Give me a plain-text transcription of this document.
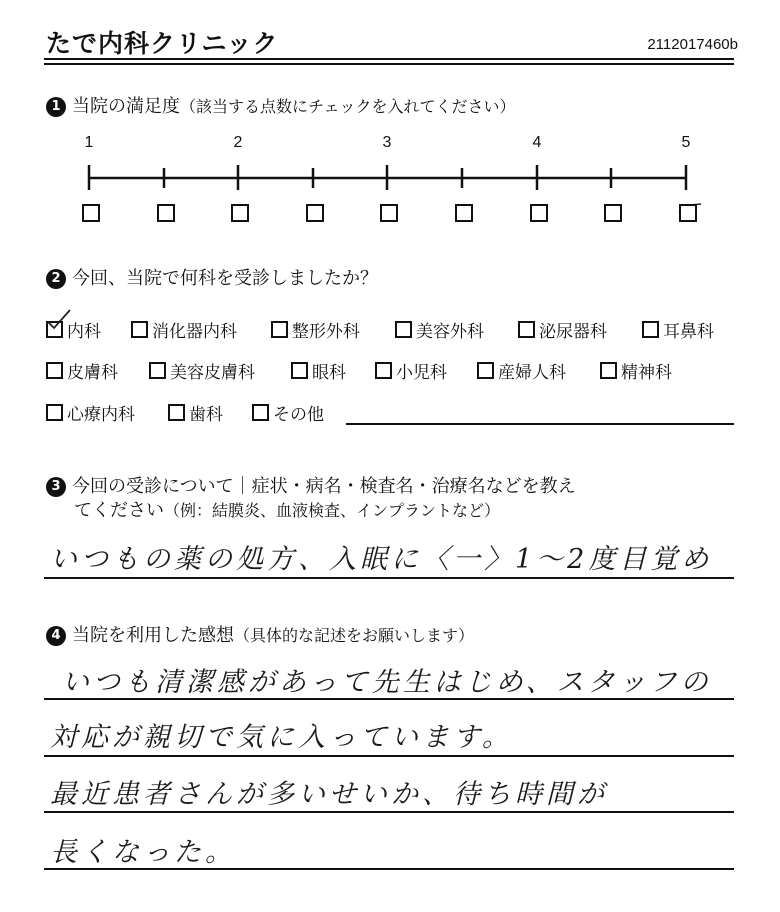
たで内科クリニック	2112017460b
1 当院の満足度（該当する点数にチェックを入れてください）
1	2	3	4	5
2 今回、当院で何科を受診しましたか？
内科	消化器内科	整形外科	美容外科	泌尿器科	耳鼻科
皮膚科	美容皮膚科	眼科	小児科	産婦人科	精神科
心療内科	歯科	その他
3 今回の受診について｜症状・病名・検査名・治療名などを教え
てください（例：結膜炎、血液検査、インプラントなど）
いつもの薬の処方、入眠に〈一〉1〜2度目覚め
4 当院を利用した感想（具体的な記述をお願いします）
いつも清潔感があって先生はじめ、スタッフの
対応が親切で気に入っています。
最近患者さんが多いせいか、待ち時間が
長くなった。
